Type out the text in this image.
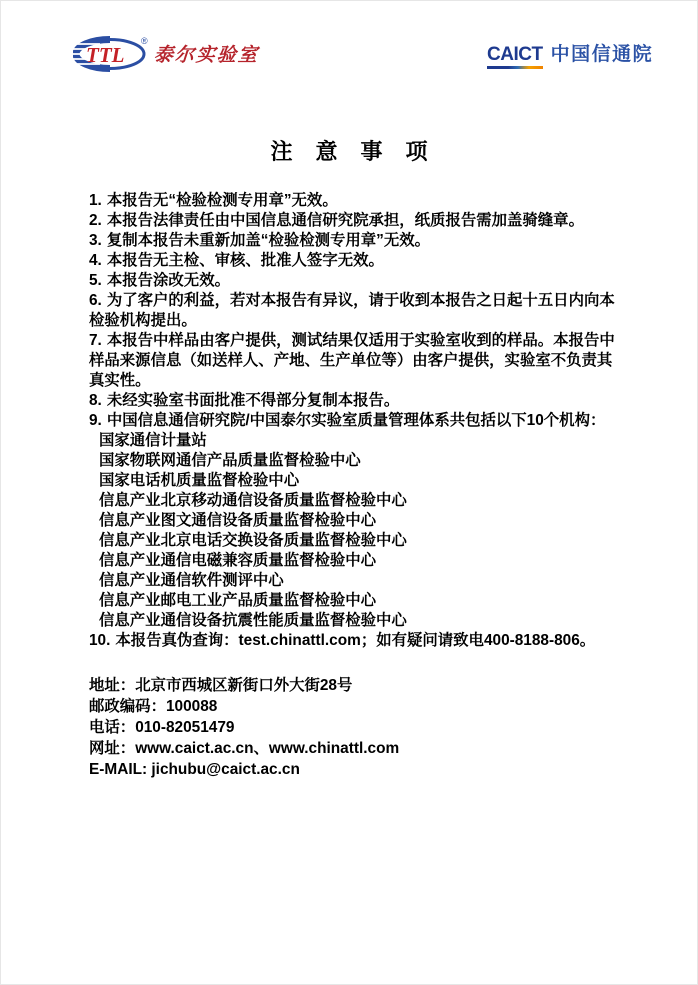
TTL
®
泰尔实验室	CAICT 中国信通院
注意事项

1. 本报告无“检验检测专用章”无效。

2. 本报告法律责任由中国信息通信研究院承担，纸质报告需加盖骑缝章。

3. 复制本报告未重新加盖“检验检测专用章”无效。

4. 本报告无主检、审核、批准人签字无效。

5. 本报告涂改无效。

6. 为了客户的利益，若对本报告有异议，请于收到本报告之日起十五日内向本检验机构提出。

7. 本报告中样品由客户提供，测试结果仅适用于实验室收到的样品。本报告中样品来源信息（如送样人、产地、生产单位等）由客户提供，实验室不负责其真实性。

8. 未经实验室书面批准不得部分复制本报告。

9. 中国信息通信研究院/中国泰尔实验室质量管理体系共包括以下10个机构：

国家通信计量站

国家物联网通信产品质量监督检验中心

国家电话机质量监督检验中心

信息产业北京移动通信设备质量监督检验中心

信息产业图文通信设备质量监督检验中心

信息产业北京电话交换设备质量监督检验中心

信息产业通信电磁兼容质量监督检验中心

信息产业通信软件测评中心

信息产业邮电工业产品质量监督检验中心

信息产业通信设备抗震性能质量监督检验中心

10. 本报告真伪查询：test.chinattl.com；如有疑问请致电400-8188-806。

地址：北京市西城区新街口外大街28号

邮政编码：100088

电话：010-82051479

网址：www.caict.ac.cn、www.chinattl.com

E-MAIL: jichubu@caict.ac.cn
